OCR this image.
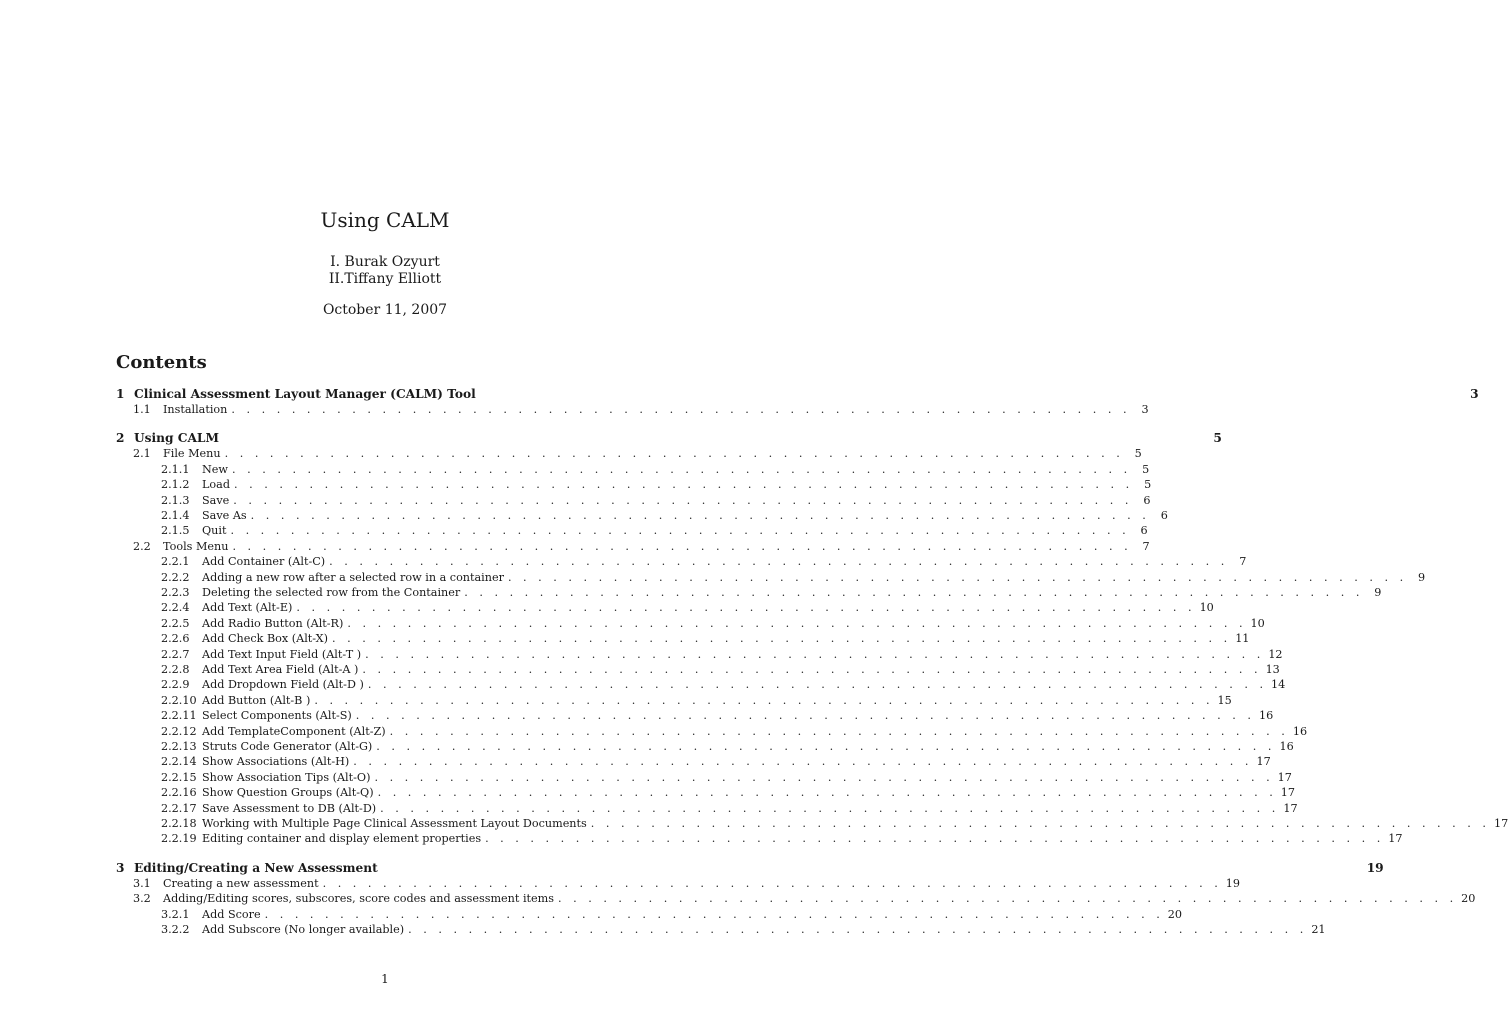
Using CALM
I. Burak Ozyurt
II.Tiffany Elliott
October 11, 2007
Contents
1 Clinical Assessment Layout Manager (CALM) Tool	3
1.1	Installation . . . . . . . . . . . . . . . . . . . . . . . . . . . . . . . . . . . . . . . . . . . . . . . . . . . . . . . . . . . . 3
2 Using CALM	5
2.1	File Menu . . . . . . . . . . . . . . . . . . . . . . . . . . . . . . . . . . . . . . . . . . . . . . . . . . . . . . . . . . . . 5
2.1.1	New . . . . . . . . . . . . . . . . . . . . . . . . . . . . . . . . . . . . . . . . . . . . . . . . . . . . . . . . . . . . 5
2.1.2	Load . . . . . . . . . . . . . . . . . . . . . . . . . . . . . . . . . . . . . . . . . . . . . . . . . . . . . . . . . . . . 5
2.1.3	Save . . . . . . . . . . . . . . . . . . . . . . . . . . . . . . . . . . . . . . . . . . . . . . . . . . . . . . . . . . . . 6
2.1.4	Save As . . . . . . . . . . . . . . . . . . . . . . . . . . . . . . . . . . . . . . . . . . . . . . . . . . . . . . . . . . . . 6
2.1.5	Quit . . . . . . . . . . . . . . . . . . . . . . . . . . . . . . . . . . . . . . . . . . . . . . . . . . . . . . . . . . . . 6
2.2	Tools Menu . . . . . . . . . . . . . . . . . . . . . . . . . . . . . . . . . . . . . . . . . . . . . . . . . . . . . . . . . . . . 7
2.2.1	Add Container (Alt-C) . . . . . . . . . . . . . . . . . . . . . . . . . . . . . . . . . . . . . . . . . . . . . . . . . . . . . . . . . . . . 7
2.2.2	Adding a new row after a selected row in a container . . . . . . . . . . . . . . . . . . . . . . . . . . . . . . . . . . . . . . . . . . . . . . . . . . . . . . . . . . . . 9
2.2.3	Deleting the selected row from the Container . . . . . . . . . . . . . . . . . . . . . . . . . . . . . . . . . . . . . . . . . . . . . . . . . . . . . . . . . . . . 9
2.2.4	Add Text (Alt-E) . . . . . . . . . . . . . . . . . . . . . . . . . . . . . . . . . . . . . . . . . . . . . . . . . . . . . . . . . . . . 10
2.2.5	Add Radio Button (Alt-R) . . . . . . . . . . . . . . . . . . . . . . . . . . . . . . . . . . . . . . . . . . . . . . . . . . . . . . . . . . . . 10
2.2.6	Add Check Box (Alt-X) . . . . . . . . . . . . . . . . . . . . . . . . . . . . . . . . . . . . . . . . . . . . . . . . . . . . . . . . . . . . 11
2.2.7	Add Text Input Field (Alt-T ) . . . . . . . . . . . . . . . . . . . . . . . . . . . . . . . . . . . . . . . . . . . . . . . . . . . . . . . . . . . . 12
2.2.8	Add Text Area Field (Alt-A ) . . . . . . . . . . . . . . . . . . . . . . . . . . . . . . . . . . . . . . . . . . . . . . . . . . . . . . . . . . . . 13
2.2.9	Add Dropdown Field (Alt-D ) . . . . . . . . . . . . . . . . . . . . . . . . . . . . . . . . . . . . . . . . . . . . . . . . . . . . . . . . . . . . 14
2.2.10 Add Button (Alt-B ) . . . . . . . . . . . . . . . . . . . . . . . . . . . . . . . . . . . . . . . . . . . . . . . . . . . . . . . . . . . . 15
2.2.11 Select Components (Alt-S) . . . . . . . . . . . . . . . . . . . . . . . . . . . . . . . . . . . . . . . . . . . . . . . . . . . . . . . . . . . . 16
2.2.12 Add TemplateComponent (Alt-Z) . . . . . . . . . . . . . . . . . . . . . . . . . . . . . . . . . . . . . . . . . . . . . . . . . . . . . . . . . . . . 16
2.2.13 Struts Code Generator (Alt-G) . . . . . . . . . . . . . . . . . . . . . . . . . . . . . . . . . . . . . . . . . . . . . . . . . . . . . . . . . . . . 16
2.2.14 Show Associations (Alt-H) . . . . . . . . . . . . . . . . . . . . . . . . . . . . . . . . . . . . . . . . . . . . . . . . . . . . . . . . . . . . 17
2.2.15 Show Association Tips (Alt-O) . . . . . . . . . . . . . . . . . . . . . . . . . . . . . . . . . . . . . . . . . . . . . . . . . . . . . . . . . . . . 17
2.2.16 Show Question Groups (Alt-Q) . . . . . . . . . . . . . . . . . . . . . . . . . . . . . . . . . . . . . . . . . . . . . . . . . . . . . . . . . . . . 17
2.2.17 Save Assessment to DB (Alt-D) . . . . . . . . . . . . . . . . . . . . . . . . . . . . . . . . . . . . . . . . . . . . . . . . . . . . . . . . . . . . 17
2.2.18 Working with Multiple Page Clinical Assessment Layout Documents . . . . . . . . . . . . . . . . . . . . . . . . . . . . . . . . . . . . . . . . . . . . . . . . . . . . . . . . . . . . 17
2.2.19 Editing container and display element properties . . . . . . . . . . . . . . . . . . . . . . . . . . . . . . . . . . . . . . . . . . . . . . . . . . . . . . . . . . . . 17
3 Editing/Creating a New Assessment	19
3.1	Creating a new assessment . . . . . . . . . . . . . . . . . . . . . . . . . . . . . . . . . . . . . . . . . . . . . . . . . . . . . . . . . . . . 19
3.2	Adding/Editing scores, subscores, score codes and assessment items . . . . . . . . . . . . . . . . . . . . . . . . . . . . . . . . . . . . . . . . . . . . . . . . . . . . . . . . . . . . 20
3.2.1	Add Score . . . . . . . . . . . . . . . . . . . . . . . . . . . . . . . . . . . . . . . . . . . . . . . . . . . . . . . . . . . . 20
3.2.2	Add Subscore (No longer available) . . . . . . . . . . . . . . . . . . . . . . . . . . . . . . . . . . . . . . . . . . . . . . . . . . . . . . . . . . . . 21
1
